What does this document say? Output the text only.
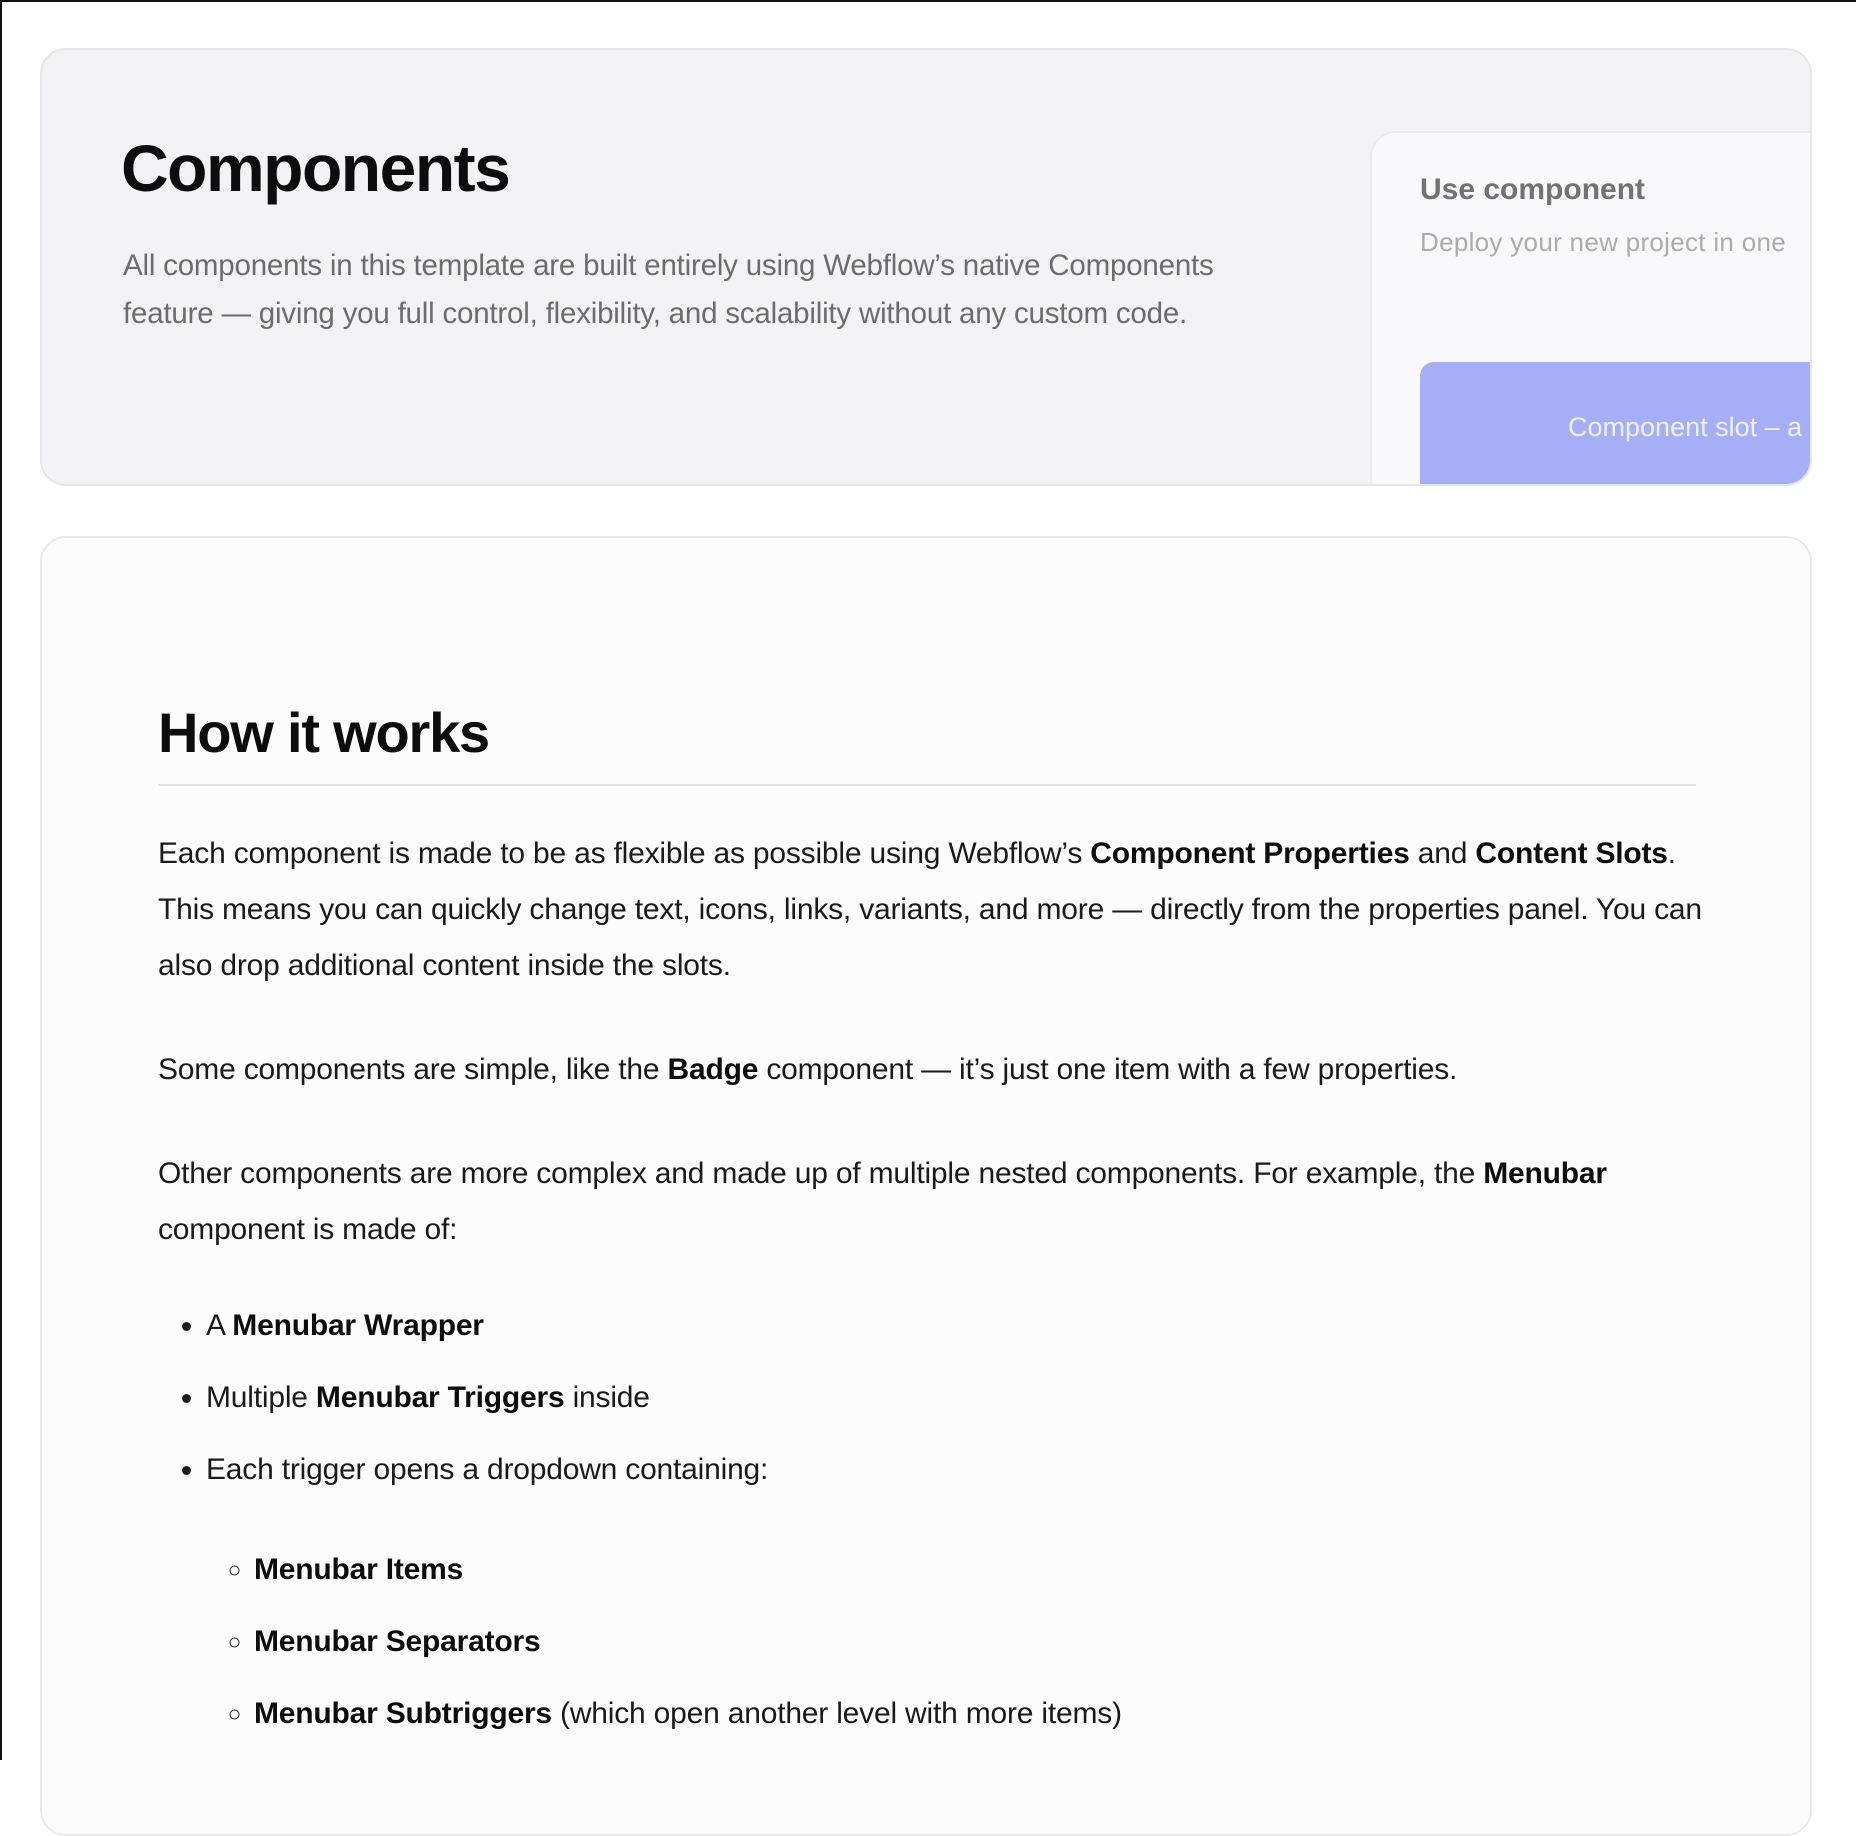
Components

All components in this template are built entirely using Webflow’s native Components feature — giving you full control, flexibility, and scalability without any custom code.

Use component

Deploy your new project in one

Component slot – a
How it works

Each component is made to be as flexible as possible using Webflow’s Component Properties and Content Slots. This means you can quickly change text, icons, links, variants, and more — directly from the properties panel. You can also drop additional content inside the slots.

Some components are simple, like the Badge component — it’s just one item with a few properties.

Other components are more complex and made up of multiple nested components. For example, the Menubar component is made of:

• A Menubar Wrapper
• Multiple Menubar Triggers inside
• Each trigger opens a dropdown containing:
◦ Menubar Items
◦ Menubar Separators
◦ Menubar Subtriggers (which open another level with more items)
